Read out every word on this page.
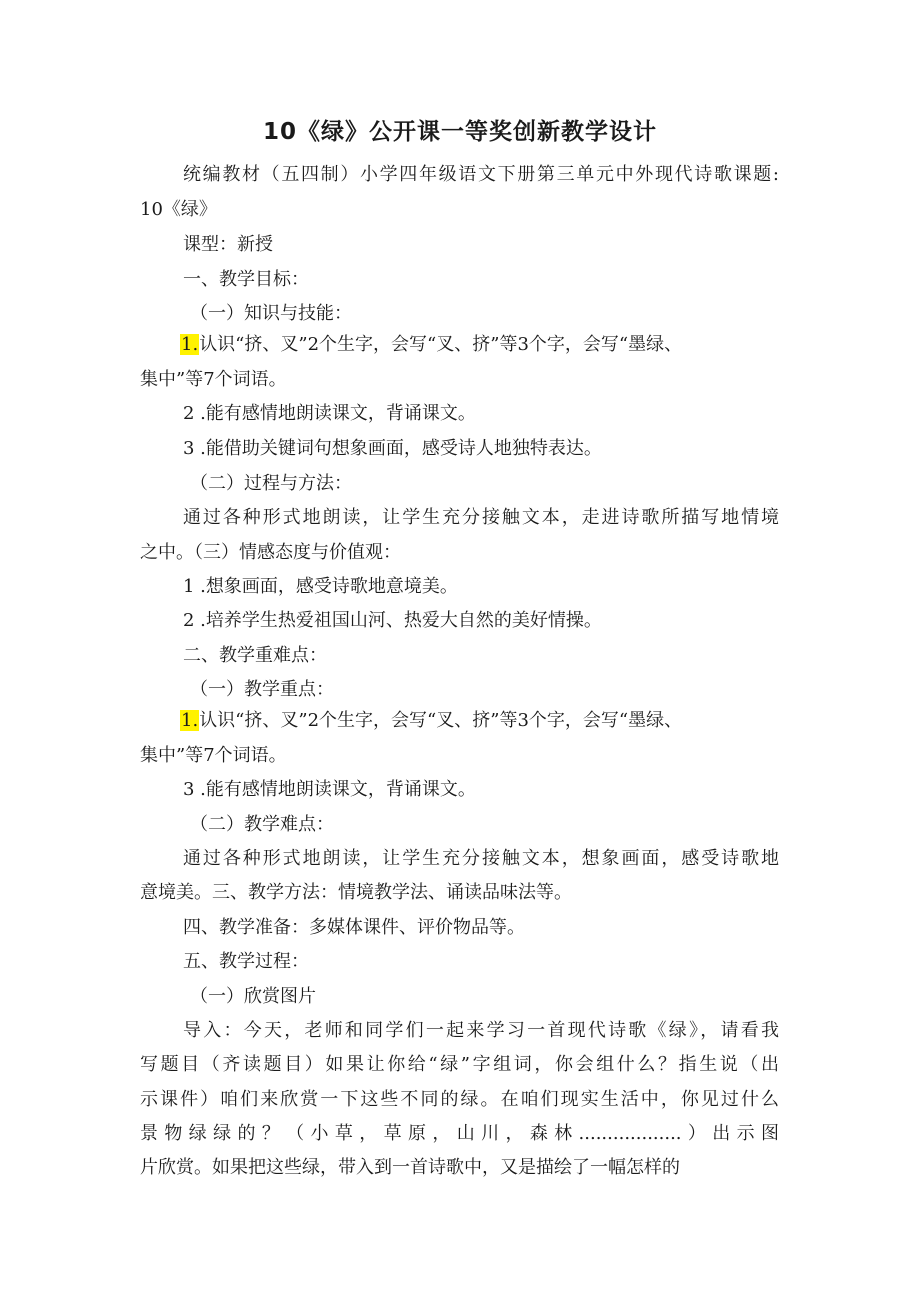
10《绿》公开课一等奖创新教学设计
统编教材（五四制）小学四年级语文下册第三单元中外现代诗歌课题:
10《绿》
课型：新授
一、教学目标：
（一）知识与技能：
1.认识“挤、叉”2个生字，会写“叉、挤”等3个字，会写“墨绿、
集中”等7个词语。
2 .能有感情地朗读课文，背诵课文。
3 .能借助关键词句想象画面，感受诗人地独特表达。
（二）过程与方法：
通过各种形式地朗读，让学生充分接触文本，走进诗歌所描写地情境
之中。（三）情感态度与价值观：
1 .想象画面，感受诗歌地意境美。
2 .培养学生热爱祖国山河、热爱大自然的美好情操。
二、教学重难点：
（一）教学重点：
1.认识“挤、叉”2个生字，会写“叉、挤”等3个字，会写“墨绿、
集中”等7个词语。
3 .能有感情地朗读课文，背诵课文。
（二）教学难点：
通过各种形式地朗读，让学生充分接触文本，想象画面，感受诗歌地
意境美。三、教学方法：情境教学法、诵读品味法等。
四、教学准备：多媒体课件、评价物品等。
五、教学过程：
（一）欣赏图片
导入：今天，老师和同学们一起来学习一首现代诗歌《绿》，请看我
写题目（齐读题目）如果让你给“绿”字组词，你会组什么？指生说（出
示课件）咱们来欣赏一下这些不同的绿。在咱们现实生活中，你见过什么
景物绿绿的？（小草，草原，山川，森林..................）出示图
片欣赏。如果把这些绿，带入到一首诗歌中，又是描绘了一幅怎样的
